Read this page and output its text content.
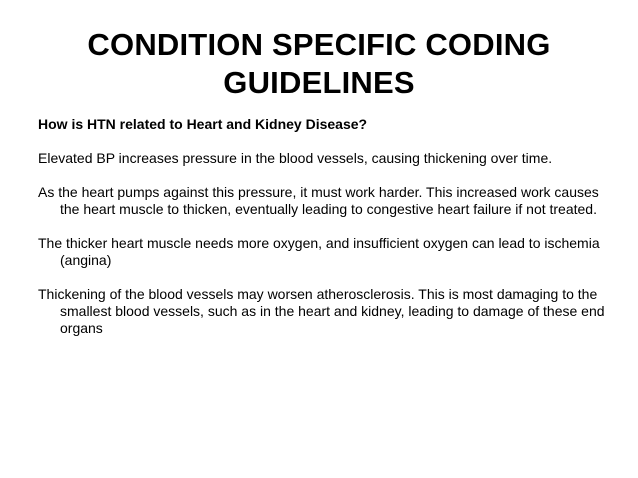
CONDITION SPECIFIC CODING GUIDELINES
How is HTN related to Heart and Kidney Disease?
Elevated BP increases pressure in the blood vessels, causing thickening over time.
As the heart pumps against this pressure, it must work harder. This increased work causes the heart muscle to thicken, eventually leading to congestive heart failure if not treated.
The thicker heart muscle needs more oxygen, and insufficient oxygen can lead to ischemia (angina)
Thickening of the blood vessels may worsen atherosclerosis. This is most damaging to the smallest blood vessels, such as in the heart and kidney, leading to damage of these end organs
